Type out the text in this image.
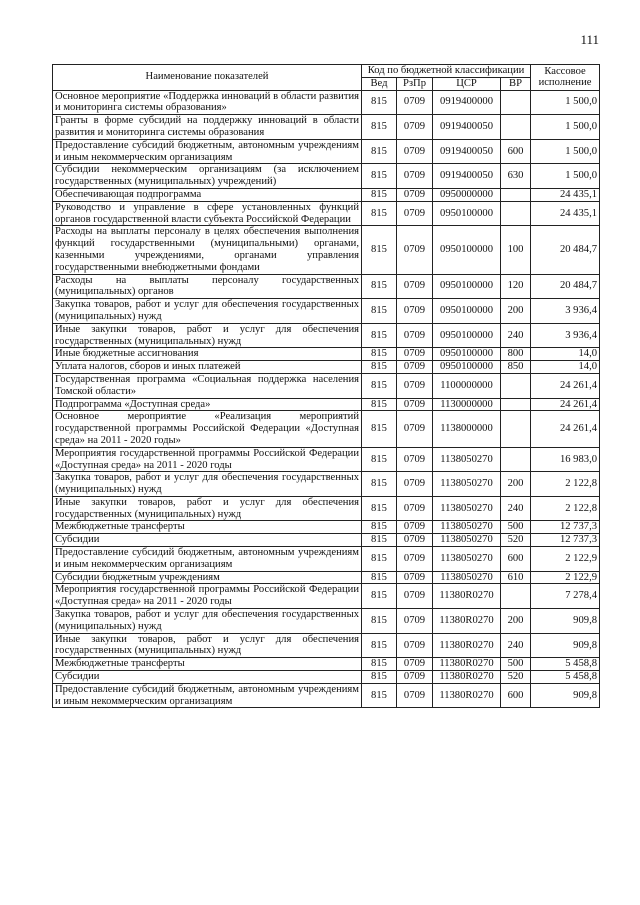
111
Наименование показателей	Код по бюджетной классификации				Кассовое исполнение
	Вед	РзПр	ЦСР	ВР	
Основное мероприятие «Поддержка инноваций в области развития и мониторинга системы образования»	815	0709	0919400000		1 500,0
Гранты в форме субсидий на поддержку инноваций в области развития и мониторинга системы образования	815	0709	0919400050		1 500,0
Предоставление субсидий бюджетным, автономным учреждениям и иным некоммерческим организациям	815	0709	0919400050	600	1 500,0
Субсидии некоммерческим организациям (за исключением государственных (муниципальных) учреждений)	815	0709	0919400050	630	1 500,0
Обеспечивающая подпрограмма	815	0709	0950000000		24 435,1
Руководство и управление в сфере установленных функций органов государственной власти субъекта Российской Федерации	815	0709	0950100000		24 435,1
Расходы на выплаты персоналу в целях обеспечения выполнения функций государственными (муниципальными) органами, казенными учреждениями, органами управления государственными внебюджетными фондами	815	0709	0950100000	100	20 484,7
Расходы на выплаты персоналу государственных (муниципальных) органов	815	0709	0950100000	120	20 484,7
Закупка товаров, работ и услуг для обеспечения государственных (муниципальных) нужд	815	0709	0950100000	200	3 936,4
Иные закупки товаров, работ и услуг для обеспечения государственных (муниципальных) нужд	815	0709	0950100000	240	3 936,4
Иные бюджетные ассигнования	815	0709	0950100000	800	14,0
Уплата налогов, сборов и иных платежей	815	0709	0950100000	850	14,0
Государственная программа «Социальная поддержка населения Томской области»	815	0709	1100000000		24 261,4
Подпрограмма «Доступная среда»	815	0709	1130000000		24 261,4
Основное мероприятие «Реализация мероприятий государственной программы Российской Федерации «Доступная среда» на 2011 - 2020 годы»	815	0709	1138000000		24 261,4
Мероприятия государственной программы Российской Федерации «Доступная среда» на 2011 - 2020 годы	815	0709	1138050270		16 983,0
Закупка товаров, работ и услуг для обеспечения государственных (муниципальных) нужд	815	0709	1138050270	200	2 122,8
Иные закупки товаров, работ и услуг для обеспечения государственных (муниципальных) нужд	815	0709	1138050270	240	2 122,8
Межбюджетные трансферты	815	0709	1138050270	500	12 737,3
Субсидии	815	0709	1138050270	520	12 737,3
Предоставление субсидий бюджетным, автономным учреждениям и иным некоммерческим организациям	815	0709	1138050270	600	2 122,9
Субсидии бюджетным учреждениям	815	0709	1138050270	610	2 122,9
Мероприятия государственной программы Российской Федерации «Доступная среда» на 2011 - 2020 годы	815	0709	11380R0270		7 278,4
Закупка товаров, работ и услуг для обеспечения государственных (муниципальных) нужд	815	0709	11380R0270	200	909,8
Иные закупки товаров, работ и услуг для обеспечения государственных (муниципальных) нужд	815	0709	11380R0270	240	909,8
Межбюджетные трансферты	815	0709	11380R0270	500	5 458,8
Субсидии	815	0709	11380R0270	520	5 458,8
Предоставление субсидий бюджетным, автономным учреждениям и иным некоммерческим организациям	815	0709	11380R0270	600	909,8
